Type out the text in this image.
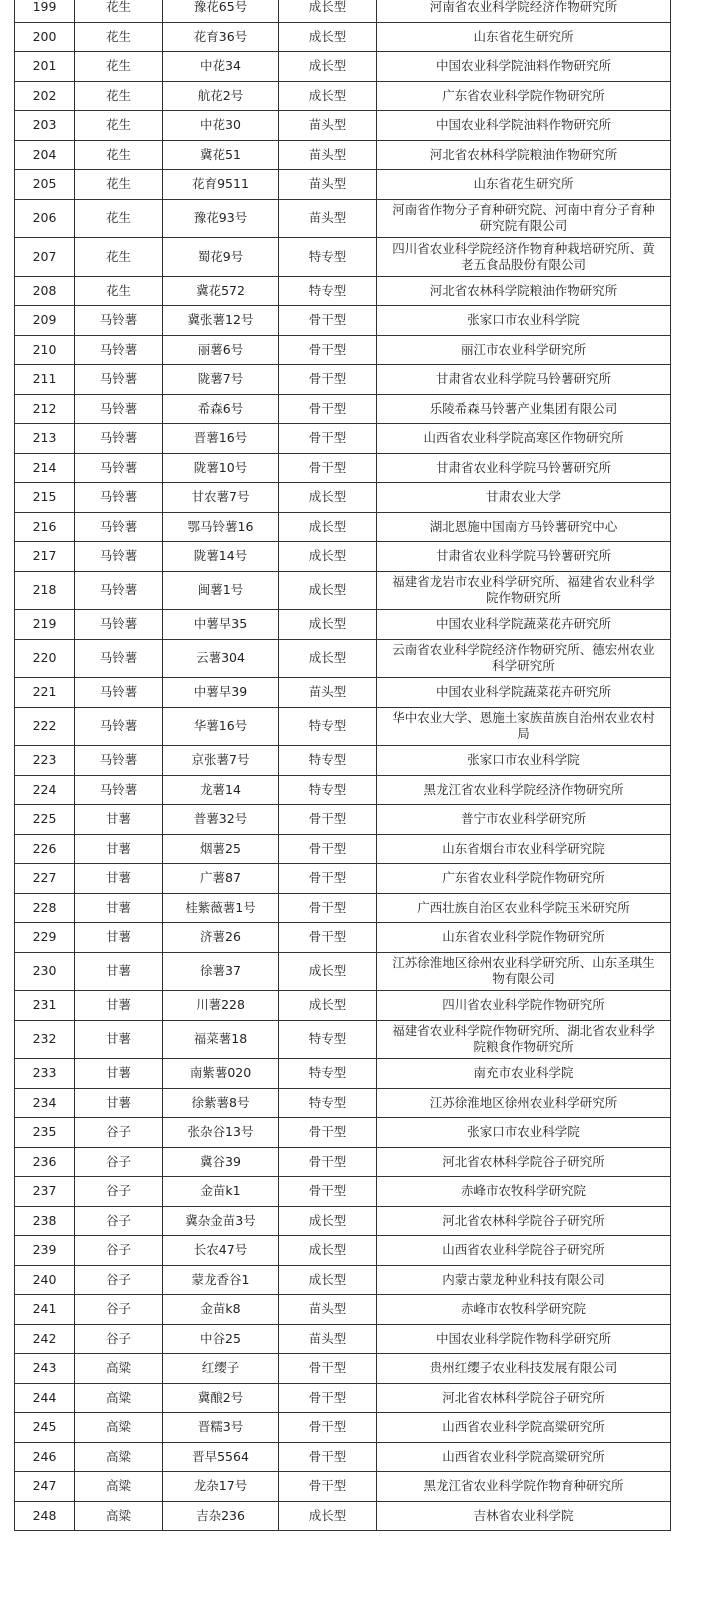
199	花生	豫花65号	成长型	河南省农业科学院经济作物研究所
200	花生	花育36号	成长型	山东省花生研究所
201	花生	中花34	成长型	中国农业科学院油料作物研究所
202	花生	航花2号	成长型	广东省农业科学院作物研究所
203	花生	中花30	苗头型	中国农业科学院油料作物研究所
204	花生	冀花51	苗头型	河北省农林科学院粮油作物研究所
205	花生	花育9511	苗头型	山东省花生研究所
206	花生	豫花93号	苗头型	河南省作物分子育种研究院、河南中育分子育种研究院有限公司
207	花生	蜀花9号	特专型	四川省农业科学院经济作物育种栽培研究所、黄老五食品股份有限公司
208	花生	冀花572	特专型	河北省农林科学院粮油作物研究所
209	马铃薯	冀张薯12号	骨干型	张家口市农业科学院
210	马铃薯	丽薯6号	骨干型	丽江市农业科学研究所
211	马铃薯	陇薯7号	骨干型	甘肃省农业科学院马铃薯研究所
212	马铃薯	希森6号	骨干型	乐陵希森马铃薯产业集团有限公司
213	马铃薯	晋薯16号	骨干型	山西省农业科学院高寒区作物研究所
214	马铃薯	陇薯10号	骨干型	甘肃省农业科学院马铃薯研究所
215	马铃薯	甘农薯7号	成长型	甘肃农业大学
216	马铃薯	鄂马铃薯16	成长型	湖北恩施中国南方马铃薯研究中心
217	马铃薯	陇薯14号	成长型	甘肃省农业科学院马铃薯研究所
218	马铃薯	闽薯1号	成长型	福建省龙岩市农业科学研究所、福建省农业科学院作物研究所
219	马铃薯	中薯早35	成长型	中国农业科学院蔬菜花卉研究所
220	马铃薯	云薯304	成长型	云南省农业科学院经济作物研究所、德宏州农业科学研究所
221	马铃薯	中薯早39	苗头型	中国农业科学院蔬菜花卉研究所
222	马铃薯	华薯16号	特专型	华中农业大学、恩施土家族苗族自治州农业农村局
223	马铃薯	京张薯7号	特专型	张家口市农业科学院
224	马铃薯	龙薯14	特专型	黑龙江省农业科学院经济作物研究所
225	甘薯	普薯32号	骨干型	普宁市农业科学研究所
226	甘薯	烟薯25	骨干型	山东省烟台市农业科学研究院
227	甘薯	广薯87	骨干型	广东省农业科学院作物研究所
228	甘薯	桂紫薇薯1号	骨干型	广西壮族自治区农业科学院玉米研究所
229	甘薯	济薯26	骨干型	山东省农业科学院作物研究所
230	甘薯	徐薯37	成长型	江苏徐淮地区徐州农业科学研究所、山东圣琪生物有限公司
231	甘薯	川薯228	成长型	四川省农业科学院作物研究所
232	甘薯	福菜薯18	特专型	福建省农业科学院作物研究所、湖北省农业科学院粮食作物研究所
233	甘薯	南紫薯020	特专型	南充市农业科学院
234	甘薯	徐紫薯8号	特专型	江苏徐淮地区徐州农业科学研究所
235	谷子	张杂谷13号	骨干型	张家口市农业科学院
236	谷子	冀谷39	骨干型	河北省农林科学院谷子研究所
237	谷子	金苗k1	骨干型	赤峰市农牧科学研究院
238	谷子	冀杂金苗3号	成长型	河北省农林科学院谷子研究所
239	谷子	长农47号	成长型	山西省农业科学院谷子研究所
240	谷子	蒙龙香谷1	成长型	内蒙古蒙龙种业科技有限公司
241	谷子	金苗k8	苗头型	赤峰市农牧科学研究院
242	谷子	中谷25	苗头型	中国农业科学院作物科学研究所
243	高粱	红缨子	骨干型	贵州红缨子农业科技发展有限公司
244	高粱	冀酿2号	骨干型	河北省农林科学院谷子研究所
245	高粱	晋糯3号	骨干型	山西省农业科学院高粱研究所
246	高粱	晋早5564	骨干型	山西省农业科学院高粱研究所
247	高粱	龙杂17号	骨干型	黑龙江省农业科学院作物育种研究所
248	高粱	吉杂236	成长型	吉林省农业科学院
